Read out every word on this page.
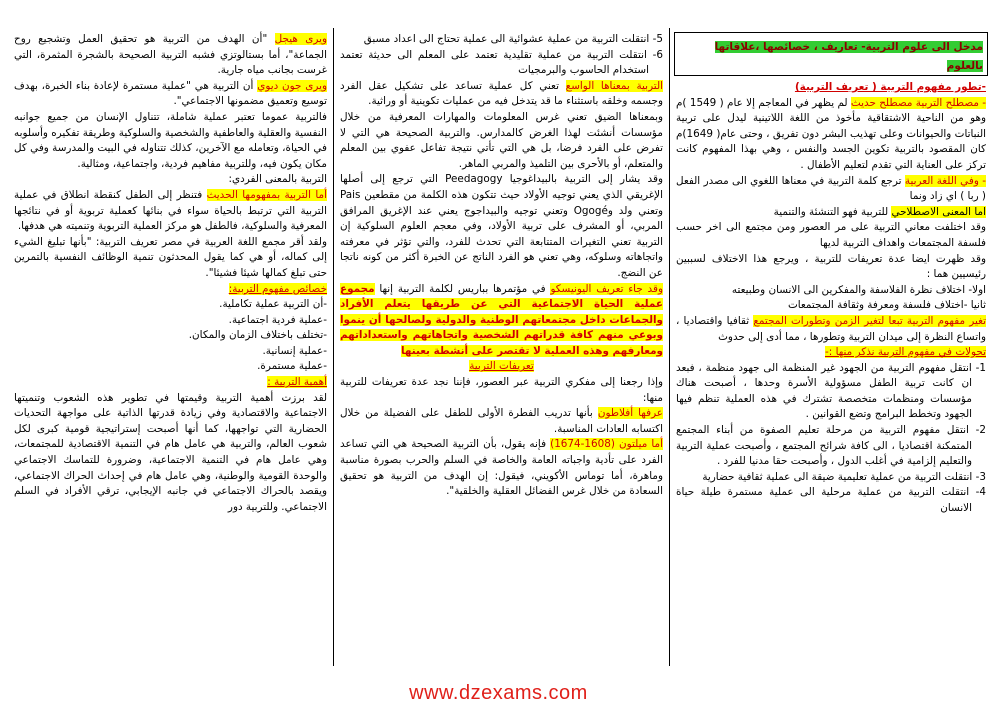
مدخل الى علوم التربية- تعاريف ، خصائصها ،علاقاتها بالعلوم

-تطور مفهوم التربية ( تعريف التربية)

- مصطلح التربية مصطلح حديث لم يظهر في المعاجم إلا عام ( 1549 )م وهو من الناحية الاشتقاقية مأخوذ من اللغة اللاتينية ليدل على تربية النباتات والحيوانات وعلى تهذيب البشر دون تفريق ، وحتى عام( 1649)م كان المقصود بالتربية تكوين الجسد والنفس ، وهي بهذا المفهوم كانت تركز على العناية التي تقدم لتعليم الأطفال .

- وفي اللغة العربية ترجع كلمة التربية في معناها اللغوي الى مصدر الفعل ( ربا ) اي زاد ونما

اما المعنى الاصطلاحي للتربية فهو التنشئة والتنمية

وقد اختلفت معاني التربية على مر العصور ومن مجتمع الى اخر حسب فلسفة المجتمعات واهداف التربية لديها

وقد ظهرت ايضا عدة تعريفات للتربية ، ويرجع هذا الاختلاف لسببين رئيسيين هما :

اولا- اختلاف نظرة الفلاسفة والمفكرين الى الانسان وطبيعته

ثانيا -اختلاف فلسفة ومعرفة وثقافة المجتمعات

تغير مفهوم التربية تبعا لتغير الزمن وتطورات المجتمع ثقافيا واقتصاديا ، واتساع النظرة إلى ميدان التربية وتطورها ، مما أدى إلى حدوث

تحولات في مفهوم التربية نذكر منها :-

1- انتقل مفهوم التربية من الجهود غير المنظمة الى جهود منظمة ، فبعد ان كانت تربية الطفل مسؤولية الأسرة وحدها ، أصبحت هناك مؤسسات ومنظمات متخصصة تشترك في هذه العملية تنظم فيها الجهود وتخطط البرامج وتضع القوانين .

2- انتقل مفهوم التربية من مرحلة تعليم الصفوة من أبناء المجتمع المتمكنة اقتصاديا ، الى كافة شرائح المجتمع ، وأصبحت عملية التربية والتعليم إلزامية في أغلب الدول ، وأصبحت حقا مدنيا للفرد .

3- انتقلت التربية من عملية تعليمية ضيقة الى عملية ثقافية حضارية

4- انتقلت التربية من عملية مرحلية الى عملية مستمرة طيلة حياة الانسان

5- انتقلت التربية من عملية عشوائية الى عملية تحتاج الى اعداد مسبق

6- انتقلت التربية من عملية تقليدية تعتمد على المعلم الى حديثة تعتمد استخدام الحاسوب والبرمجيات

التربية بمعناها الواسع تعني كل عملية تساعد على تشكيل عقل الفرد وجسمه وخلقه باستثناء ما قد يتدخل فيه من عمليات تكوينية أو وراثية.

وبمعناها الضيق تعني غرس المعلومات والمهارات المعرفية من خلال مؤسسات أنشئت لهذا الغرض كالمدارس. والتربية الصحيحة هي التي لا تفرض على الفرد فرضا، بل هي التي تأتي نتيجة تفاعل عفوي بين المعلم والمتعلم، أو بالأحرى بين التلميذ والمربي الماهر.

وقد يشار إلى التربية بالبيداغوجيا Peedagogy التي ترجع إلى أصلها الإغريقي الذي يعني توجيه الأولاد حيث تتكون هذه الكلمة من مقطعين Pais وتعني ولد وOgogé وتعني توجيه والبيداجوج يعني عند الإغريق المرافق المربي، أو المشرف على تربية الأولاد، وفي معجم العلوم السلوكية إن التربية تعني التغيرات المتتابعة التي تحدث للفرد، والتي تؤثر في معرفته واتجاهاته وسلوكه، وهي تعني هو الفرد الناتج عن الخبرة أكثر من كونه ناتجا عن النضج.

وقد جاء تعريف اليونيسكو في مؤتمرها بباريس لكلمة التربية إنها مجموع عملية الحياة الاجتماعية التي عن طريقها يتعلم الأفراد والجماعات داخل مجتمعاتهم الوطنية والدولية ولصالحها أن ينموا وبوعي منهم كافة قدراتهم الشخصية واتجاهاتهم واستعداداتهم ومعارفهم وهذه العملية لا تقتصر على أنشطة بعينها

تعريفات التربية

وإذا رجعنا إلى مفكري التربية عبر العصور، فإننا نجد عدة تعريفات للتربية منها:

عرفها أفلاطون بأنها تدريب الفطرة الأولى للطفل على الفضيلة من خلال اكتسابه العادات المناسبة.

أما ميلتون (1608-1674) فإنه يقول، بأن التربية الصحيحة هي التي تساعد الفرد على تأدية واجباته العامة والخاصة في السلم والحرب بصورة مناسبة وماهرة، أما توماس الأكويني، فيقول: إن الهدف من التربية هو تحقيق السعادة من خلال غرس الفضائل العقلية والخلقية".

ويرى هيجل "أن الهدف من التربية هو تحقيق العمل وتشجيع روح الجماعة"، أما بستالوتزي فشبه التربية الصحيحة بالشجرة المثمرة، التي غرست بجانب مياه جارية.

ويرى جون ديوي أن التربية هي "عملية مستمرة لإعادة بناء الخبرة، بهدف توسيع وتعميق مضمونها الاجتماعي".

فالتربية عموما تعتبر عملية شاملة، تتناول الإنسان من جميع جوانبه النفسية والعقلية والعاطفية والشخصية والسلوكية وطريقة تفكيره وأسلوبه في الحياة، وتعامله مع الآخرين، كذلك تتناوله في البيت والمدرسة وفي كل مكان يكون فيه، وللتربية مفاهيم فردية، واجتماعية، ومثالية.

التربية بالمعنى الفردي:

أما التربية بمفهومها الحديث فتنظر إلى الطفل كنقطة انطلاق في عملية التربية التي ترتبط بالحياة سواء في بنائها كعملية تربوية أو في نتائجها المعرفية والسلوكية، فالطفل هو مركز العملية التربوية وتنميته هي هدفها.

ولقد أقر مجمع اللغة العربية في مصر تعريف التربية: "بأنها تبليغ الشيء إلى كماله، أو هي كما يقول المحدثون تنمية الوظائف النفسية بالتمرين حتى تبلغ كمالها شيئا فشيئا".

خصائص مفهوم التربية:

-أن التربية عملية تكاملية.

-عملية فردية اجتماعية.

-تختلف باختلاف الزمان والمكان.

-عملية إنسانية.

-عملية مستمرة.

أهمية التربية :

لقد برزت أهمية التربية وقيمتها في تطوير هذه الشعوب وتنميتها الاجتماعية والاقتصادية وفي زيادة قدرتها الذاتية على مواجهة التحديات الحضارية التي تواجهها، كما أنها أصبحت إستراتيجية قومية كبرى لكل شعوب العالم، والتربية هي عامل هام في التنمية الاقتصادية للمجتمعات، وهي عامل هام في التنمية الاجتماعية، وضرورة للتماسك الاجتماعي والوحدة القومية والوطنية، وهي عامل هام في إحداث الحراك الاجتماعي، ويقصد بالحراك الاجتماعي في جانبه الإيجابي، ترقي الأفراد في السلم الاجتماعي. وللتربية دور

www.dzexams.com
